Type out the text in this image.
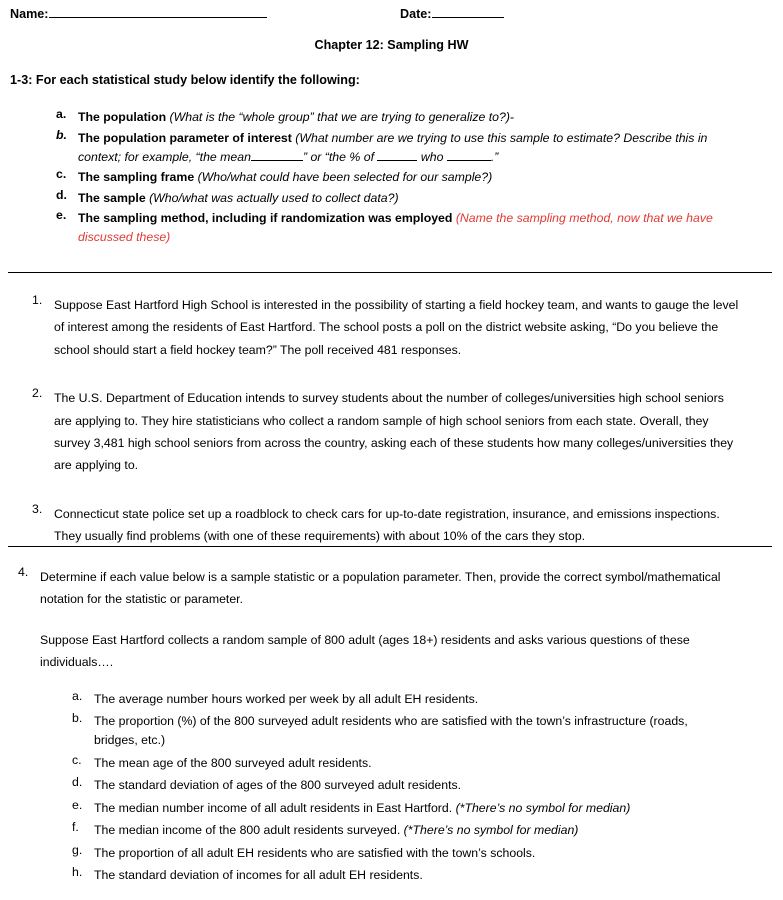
Name:	Date:
Chapter 12: Sampling HW
1-3: For each statistical study below identify the following:
a. The population (What is the “whole group” that we are trying to generalize to?)-
b. The population parameter of interest (What number are we trying to use this sample to estimate? Describe this in context; for example, “the mean	” or “the % of	who	.”
c. The sampling frame (Who/what could have been selected for our sample?)
d. The sample (Who/what was actually used to collect data?)
e. The sampling method, including if randomization was employed (Name the sampling method, now that we have discussed these)
1. Suppose East Hartford High School is interested in the possibility of starting a field hockey team, and wants to gauge the level of interest among the residents of East Hartford. The school posts a poll on the district website asking, “Do you believe the school should start a field hockey team?” The poll received 481 responses.
2. The U.S. Department of Education intends to survey students about the number of colleges/universities high school seniors are applying to. They hire statisticians who collect a random sample of high school seniors from each state. Overall, they survey 3,481 high school seniors from across the country, asking each of these students how many colleges/universities they are applying to.
3. Connecticut state police set up a roadblock to check cars for up-to-date registration, insurance, and emissions inspections. They usually find problems (with one of these requirements) with about 10% of the cars they stop.
4. Determine if each value below is a sample statistic or a population parameter. Then, provide the correct symbol/mathematical notation for the statistic or parameter.
Suppose East Hartford collects a random sample of 800 adult (ages 18+) residents and asks various questions of these individuals….
a. The average number hours worked per week by all adult EH residents.
b. The proportion (%) of the 800 surveyed adult residents who are satisfied with the town’s infrastructure (roads, bridges, etc.)
c.	The mean age of the 800 surveyed adult residents.
d. The standard deviation of ages of the 800 surveyed adult residents.
e. The median number income of all adult residents in East Hartford. (*There’s no symbol for median)
f.	The median income of the 800 adult residents surveyed. (*There’s no symbol for median)
g. The proportion of all adult EH residents who are satisfied with the town’s schools.
h. The standard deviation of incomes for all adult EH residents.
